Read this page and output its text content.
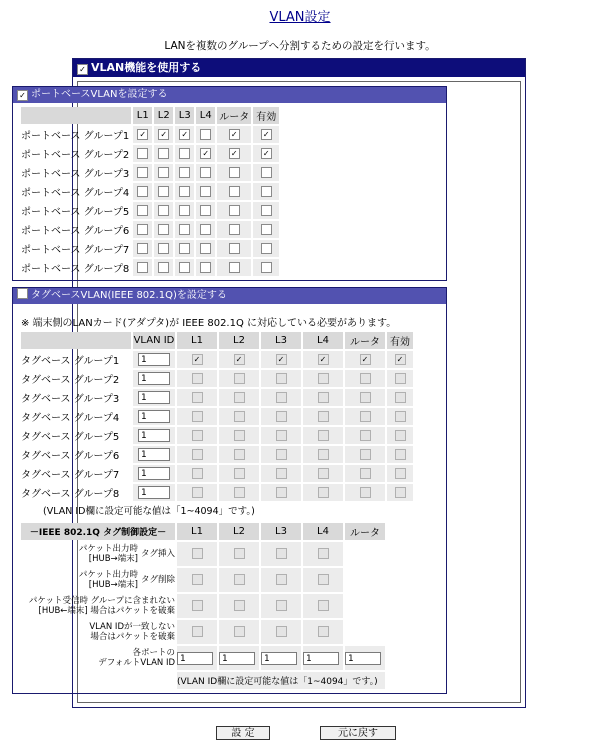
VLAN設定
LANを複数のグループへ分割するための設定を行います。
✓ VLAN機能を使用する
✓ ポートベースVLANを設定する
	L1	L2	L3	L4	ルータ	有効
ポートベース グループ1	✓	✓	✓		✓	✓
ポートベース グループ2				✓	✓	✓
ポートベース グループ3						
ポートベース グループ4						
ポートベース グループ5						
ポートベース グループ6						
ポートベース グループ7						
ポートベース グループ8						
タグベースVLAN(IEEE 802.1Q)を設定する
※ 端末側のLANカード(アダプタ)が IEEE 802.1Q に対応している必要があります。
	VLAN ID	L1	L2	L3	L4	ルータ	有効
タグベース グループ1	1	✓	✓	✓	✓	✓	✓
タグベース グループ2	1						
タグベース グループ3	1						
タグベース グループ4	1						
タグベース グループ5	1						
タグベース グループ6	1						
タグベース グループ7	1						
タグベース グループ8	1						
(VLAN ID欄に設定可能な値は「1~4094」です。)
－IEEE 802.1Q タグ制御設定－	L1	L2	L3	L4	ルータ

パケット出力時
[HUB→端末] タグ挿入					

パケット出力時
[HUB→端末] タグ削除					

パケット受信時 グループに含まれない
[HUB←端末] 場合はパケットを破棄					

VLAN IDが一致しない
場合はパケットを破棄					

各ポートの
デフォルトVLAN ID	1	1	1	1	1
	(VLAN ID欄に設定可能な値は「1~4094」です。)				
設 定	元に戻す
